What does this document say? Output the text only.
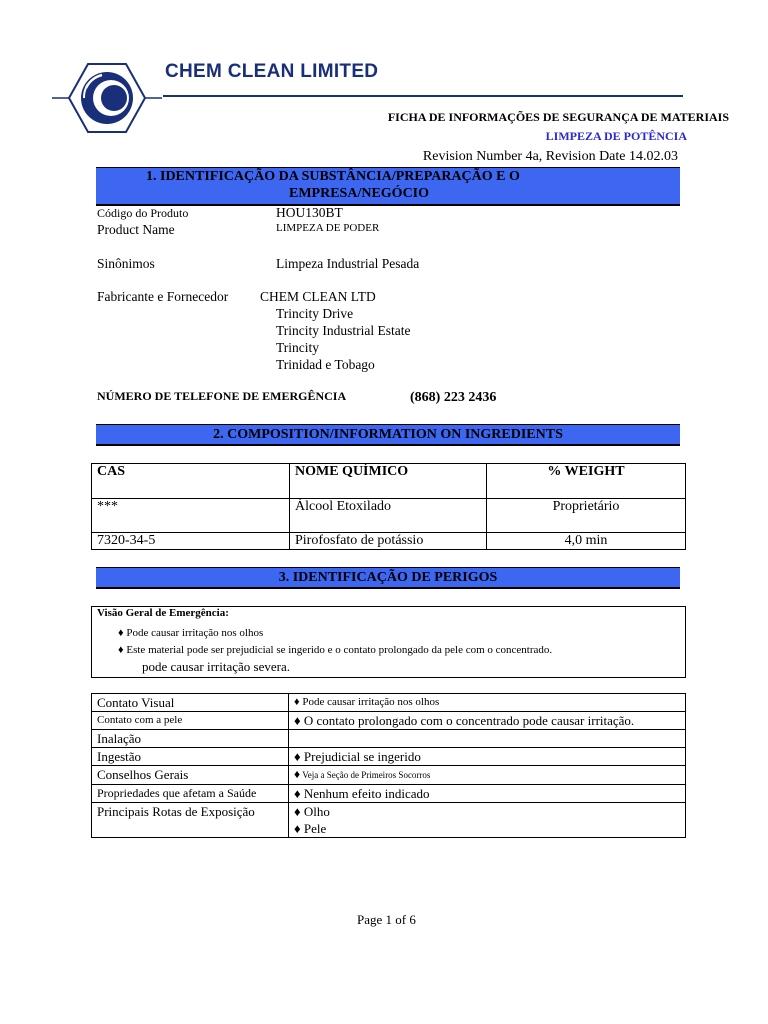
CHEM CLEAN LIMITED
FICHA DE INFORMAÇÕES DE SEGURANÇA DE MATERIAIS
LIMPEZA DE POTÊNCIA
Revision Number 4a, Revision Date 14.02.03
1. IDENTIFICAÇÃO DA SUBSTÂNCIA/PREPARAÇÃO E O
EMPRESA/NEGÓCIO
Código do Produto	HOU130BT
Product Name	LIMPEZA DE PODER
Sinônimos	Limpeza Industrial Pesada
Fabricante e Fornecedor CHEM CLEAN LTD
Trincity Drive
Trincity Industrial Estate
Trincity
Trinidad e Tobago
NÚMERO DE TELEFONE DE EMERGÊNCIA	(868) 223 2436
2. COMPOSITION/INFORMATION ON INGREDIENTS
CAS	NOME QUÍMICO	% WEIGHT
***	Álcool Etoxilado	Proprietário
7320-34-5	Pirofosfato de potássio	4,0 min
3. IDENTIFICAÇÃO DE PERIGOS
Visão Geral de Emergência:
♦ Pode causar irritação nos olhos
♦ Este material pode ser prejudicial se ingerido e o contato prolongado da pele com o concentrado.
pode causar irritação severa.
Contato Visual	♦ Pode causar irritação nos olhos
Contato com a pele	♦ O contato prolongado com o concentrado pode causar irritação.
Inalação	
Ingestão	♦ Prejudicial se ingerido
Conselhos Gerais	♦ Veja a Seção de Primeiros Socorros
Propriedades que afetam a Saúde	♦ Nenhum efeito indicado
Principais Rotas de Exposição	♦ Olho
♦ Pele
Page 1 of 6
